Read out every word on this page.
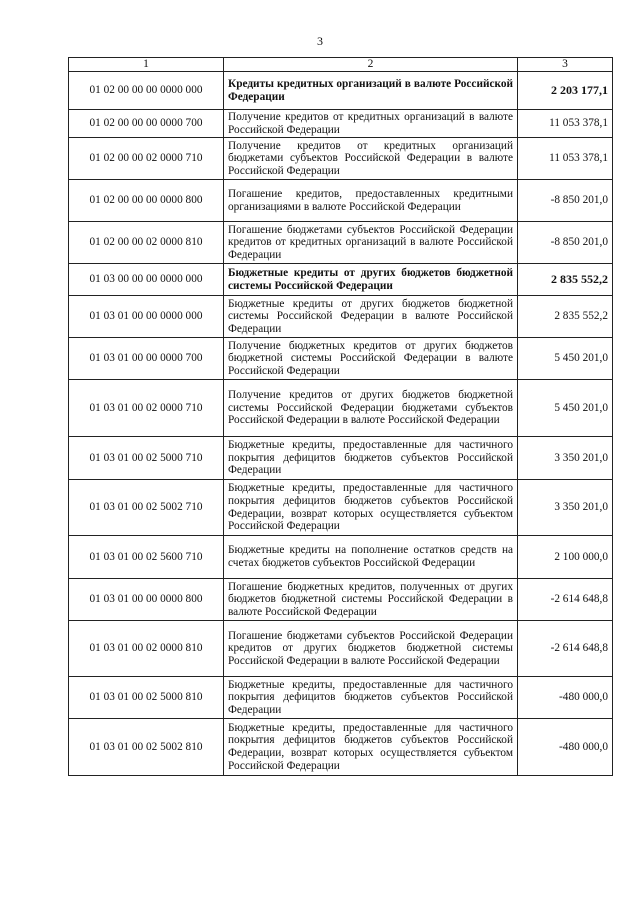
3
1	2	3
01 02 00 00 00 0000 000	Кредиты кредитных организаций в валюте Российской Федерации	2 203 177,1
01 02 00 00 00 0000 700	Получение кредитов от кредитных организаций в валюте Российской Федерации	11 053 378,1
01 02 00 00 02 0000 710	Получение кредитов от кредитных организаций бюджетами субъектов Российской Федерации в валюте Российской Федерации	11 053 378,1
01 02 00 00 00 0000 800	Погашение кредитов, предоставленных кредитными организациями в валюте Российской Федерации	-8 850 201,0
01 02 00 00 02 0000 810	Погашение бюджетами субъектов Российской Федерации кредитов от кредитных организаций в валюте Российской Федерации	-8 850 201,0
01 03 00 00 00 0000 000	Бюджетные кредиты от других бюджетов бюджетной системы Российской Федерации	2 835 552,2
01 03 01 00 00 0000 000	Бюджетные кредиты от других бюджетов бюджетной системы Российской Федерации в валюте Российской Федерации	2 835 552,2
01 03 01 00 00 0000 700	Получение бюджетных кредитов от других бюджетов бюджетной системы Российской Федерации в валюте Российской Федерации	5 450 201,0
01 03 01 00 02 0000 710	Получение кредитов от других бюджетов бюджетной системы Российской Федерации бюджетами субъектов Российской Федерации в валюте Российской Федерации	5 450 201,0
01 03 01 00 02 5000 710	Бюджетные кредиты, предоставленные для частичного покрытия дефицитов бюджетов субъектов Российской Федерации	3 350 201,0
01 03 01 00 02 5002 710	Бюджетные кредиты, предоставленные для частичного покрытия дефицитов бюджетов субъектов Российской Федерации, возврат которых осуществляется субъектом Российской Федерации	3 350 201,0
01 03 01 00 02 5600 710	Бюджетные кредиты на пополнение остатков средств на счетах бюджетов субъектов Российской Федерации	2 100 000,0
01 03 01 00 00 0000 800	Погашение бюджетных кредитов, полученных от других бюджетов бюджетной системы Российской Федерации в валюте Российской Федерации	-2 614 648,8
01 03 01 00 02 0000 810	Погашение бюджетами субъектов Российской Федерации кредитов от других бюджетов бюджетной системы Российской Федерации в валюте Российской Федерации	-2 614 648,8
01 03 01 00 02 5000 810	Бюджетные кредиты, предоставленные для частичного покрытия дефицитов бюджетов субъектов Российской Федерации	-480 000,0
01 03 01 00 02 5002 810	Бюджетные кредиты, предоставленные для частичного покрытия дефицитов бюджетов субъектов Российской Федерации, возврат которых осуществляется субъектом Российской Федерации	-480 000,0
